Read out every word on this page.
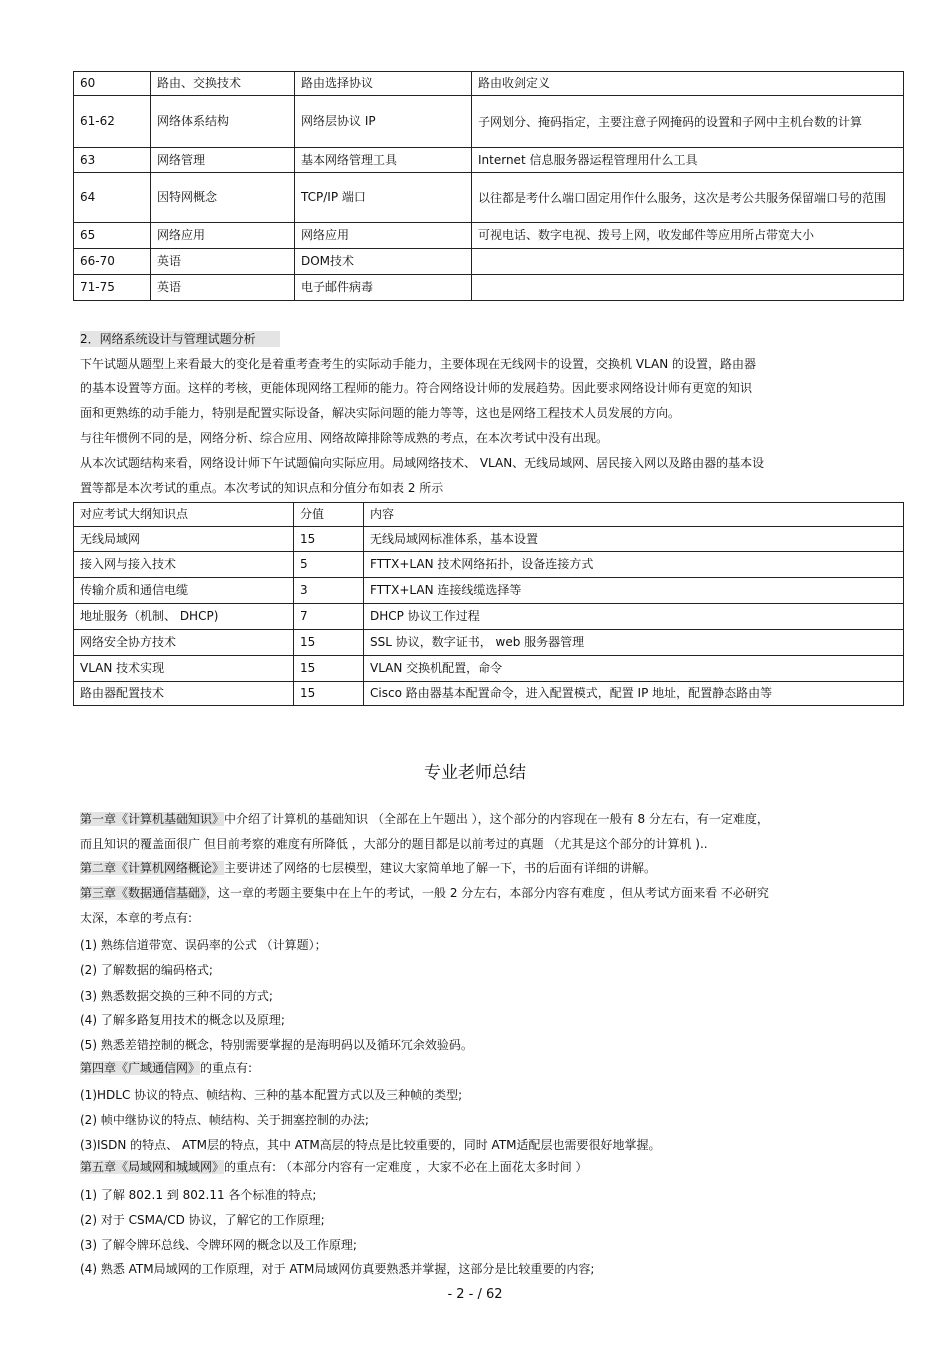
60	路由、交换技术	路由选择协议	路由收剑定义
61-62	网络体系结构	网络层协议 IP	子网划分、掩码指定，主要注意子网掩码的设置和子网中主机台数的计算
63	网络管理	基本网络管理工具	Internet 信息服务器运程管理用什么工具
64	因特网概念	TCP/IP 端口	以往都是考什么端口固定用作什么服务，这次是考公共服务保留端口号的范围
65	网络应用	网络应用	可视电话、数字电视、拨号上网，收发邮件等应用所占带宽大小
66-70	英语	DOM技术	
71-75	英语	电子邮件病毒	
2．网络系统设计与管理试题分析
下午试题从题型上来看最大的变化是着重考查考生的实际动手能力，主要体现在无线网卡的设置，交换机 VLAN 的设置，路由器
的基本设置等方面。这样的考核，更能体现网络工程师的能力。符合网络设计师的发展趋势。因此要求网络设计师有更宽的知识
面和更熟练的动手能力，特别是配置实际设备，解决实际问题的能力等等，这也是网络工程技术人员发展的方向。
与往年惯例不同的是，网络分析、综合应用、网络故障排除等成熟的考点，在本次考试中没有出现。
从本次试题结构来看，网络设计师下午试题偏向实际应用。局域网络技术、 VLAN、无线局域网、居民接入网以及路由器的基本设
置等都是本次考试的重点。本次考试的知识点和分值分布如表 2 所示
对应考试大纲知识点	分值	内容
无线局域网	15	无线局域网标准体系，基本设置
接入网与接入技术	5	FTTX+LAN 技术网络拓扑，设备连接方式
传输介质和通信电缆	3	FTTX+LAN 连接线缆选择等
地址服务（机制、 DHCP)	7	DHCP 协议工作过程
网络安全协方技术	15	SSL 协议，数字证书， web 服务器管理
VLAN 技术实现	15	VLAN 交换机配置，命令
路由器配置技术	15	Cisco 路由器基本配置命令，进入配置模式，配置 IP 地址，配置静态路由等
专业老师总结
第一章《计算机基础知识》中介绍了计算机的基础知识 （全部在上午题出 ），这个部分的内容现在一般有 8 分左右，有一定难度，
而且知识的覆盖面很广 但目前考察的难度有所降低 ，大部分的题目都是以前考过的真题 （尤其是这个部分的计算机 )..
第二章《计算机网络概论》主要讲述了网络的七层模型，建议大家简单地了解一下，书的后面有详细的讲解。
第三章《数据通信基础》，这一章的考题主要集中在上午的考试，一般 2 分左右，本部分内容有难度 ，但从考试方面来看 不必研究
太深，本章的考点有:
(1) 熟练信道带宽、误码率的公式 （计算题）；
(2) 了解数据的编码格式;
(3) 熟悉数据交换的三种不同的方式;
(4) 了解多路复用技术的概念以及原理;
(5) 熟悉差错控制的概念，特别需要掌握的是海明码以及循环冗余效验码。
第四章《广域通信网》的重点有:
(1)HDLC 协议的特点、帧结构、三种的基本配置方式以及三种帧的类型;
(2) 帧中继协议的特点、帧结构、关于拥塞控制的办法;
(3)ISDN 的特点、 ATM层的特点，其中 ATM高层的特点是比较重要的，同时 ATM适配层也需要很好地掌握。
第五章《局域网和城域网》的重点有: （本部分内容有一定难度 ，大家不必在上面花太多时间 ）
(1) 了解 802.1 到 802.11 各个标准的特点;
(2) 对于 CSMA/CD 协议，了解它的工作原理;
(3) 了解令牌环总线、令牌环网的概念以及工作原理;
(4) 熟悉 ATM局域网的工作原理，对于 ATM局域网仿真要熟悉并掌握，这部分是比较重要的内容;
- 2 - / 62
